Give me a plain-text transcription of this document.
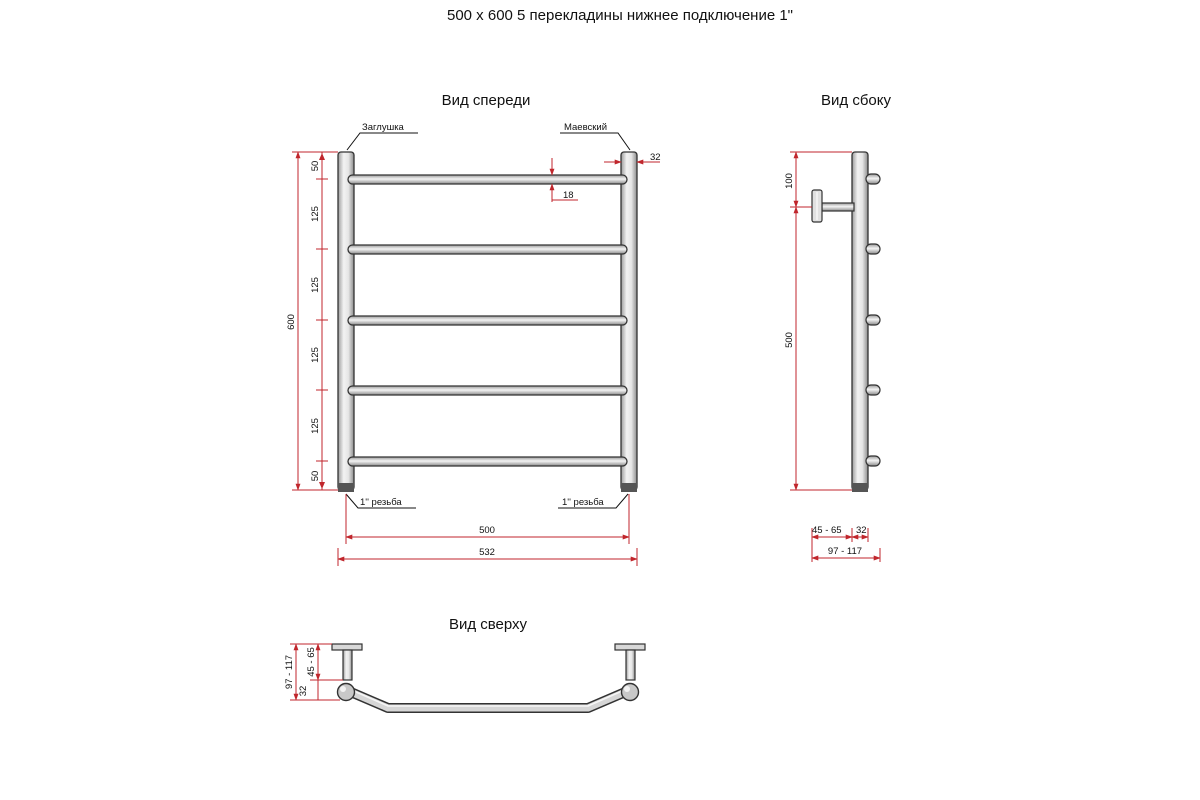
500 х 600 5 перекладины нижнее подключение 1"
Вид спереди
Заглушка	Маевский
1'' резьба	1'' резьба
50
125
125
125
125
50
600
32
18
500
532
Вид сбоку
100
500
45 - 65 32
97 - 117
Вид сверху
97 - 117 45 - 65
32
